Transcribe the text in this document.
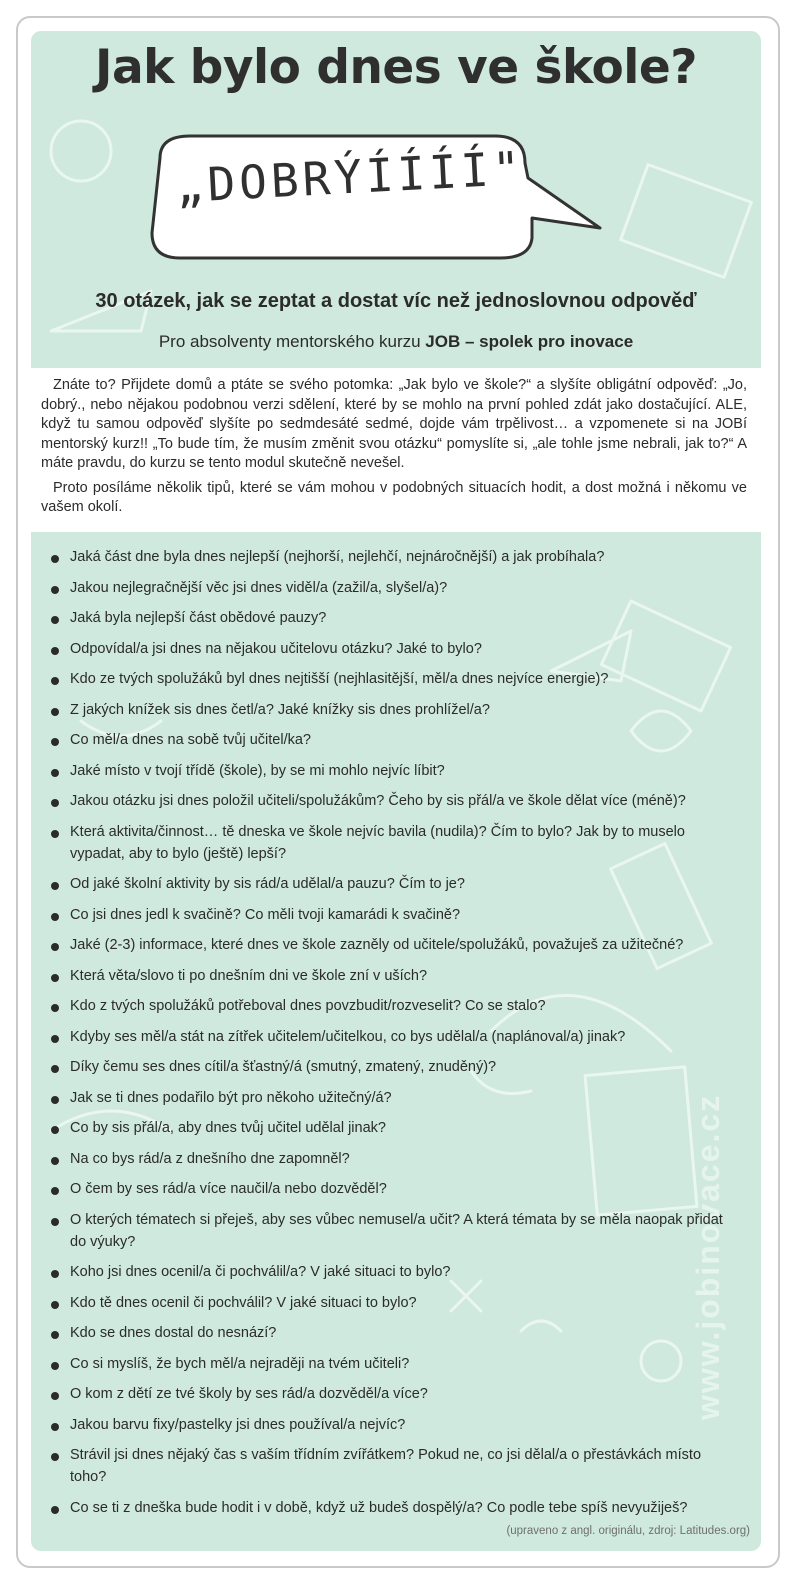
www.jobinovace.cz
Jak bylo dnes ve škole?
„DOBRÝÍÍÍÍ"
30 otázek, jak se zeptat a dostat víc než jednoslovnou odpověď
Pro absolventy mentorského kurzu JOB – spolek pro inovace

Znáte to? Přijdete domů a ptáte se svého potomka: „Jak bylo ve škole?“ a slyšíte obligátní odpověď: „Jo, dobrý., nebo nějakou podobnou verzi sdělení, které by se mohlo na první pohled zdát jako dostačující. ALE, když tu samou odpověď slyšíte po sedmdesáté sedmé, dojde vám trpělivost… a vzpomenete si na JOBí mentorský kurz!! „To bude tím, že musím změnit svou otázku“ pomyslíte si, „ale tohle jsme nebrali, jak to?“ A máte pravdu, do kurzu se tento modul skutečně nevešel.

Proto posíláme několik tipů, které se vám mohou v podobných situacích hodit, a dost možná i někomu ve vašem okolí.

Jaká část dne byla dnes nejlepší (nejhorší, nejlehčí, nejnáročnější) a jak probíhala?
Jakou nejlegračnější věc jsi dnes viděl/a (zažil/a, slyšel/a)?
Jaká byla nejlepší část obědové pauzy?
Odpovídal/a jsi dnes na nějakou učitelovu otázku? Jaké to bylo?
Kdo ze tvých spolužáků byl dnes nejtišší (nejhlasitější, měl/a dnes nejvíce energie)?
Z jakých knížek sis dnes četl/a? Jaké knížky sis dnes prohlížel/a?
Co měl/a dnes na sobě tvůj učitel/ka?
Jaké místo v tvojí třídě (škole), by se mi mohlo nejvíc líbit?
Jakou otázku jsi dnes položil učiteli/spolužákům? Čeho by sis přál/a ve škole dělat více (méně)?
Která aktivita/činnost… tě dneska ve škole nejvíc bavila (nudila)? Čím to bylo? Jak by to muselo vypadat, aby to bylo (ještě) lepší?
Od jaké školní aktivity by sis rád/a udělal/a pauzu? Čím to je?
Co jsi dnes jedl k svačině? Co měli tvoji kamarádi k svačině?
Jaké (2-3) informace, které dnes ve škole zazněly od učitele/spolužáků, považuješ za užitečné?
Která věta/slovo ti po dnešním dni ve škole zní v uších?
Kdo z tvých spolužáků potřeboval dnes povzbudit/rozveselit? Co se stalo?
Kdyby ses měl/a stát na zítřek učitelem/učitelkou, co bys udělal/a (naplánoval/a) jinak?
Díky čemu ses dnes cítil/a šťastný/á (smutný, zmatený, znuděný)?
Jak se ti dnes podařilo být pro někoho užitečný/á?
Co by sis přál/a, aby dnes tvůj učitel udělal jinak?
Na co bys rád/a z dnešního dne zapomněl?
O čem by ses rád/a více naučil/a nebo dozvěděl?
O kterých tématech si přeješ, aby ses vůbec nemusel/a učit? A která témata by se měla naopak přidat do výuky?
Koho jsi dnes ocenil/a či pochválil/a? V jaké situaci to bylo?
Kdo tě dnes ocenil či pochválil? V jaké situaci to bylo?
Kdo se dnes dostal do nesnází?
Co si myslíš, že bych měl/a nejraději na tvém učiteli?
O kom z dětí ze tvé školy by ses rád/a dozvěděl/a více?
Jakou barvu fixy/pastelky jsi dnes používal/a nejvíc?
Strávil jsi dnes nějaký čas s vaším třídním zvířátkem? Pokud ne, co jsi dělal/a o přestávkách místo toho?
Co se ti z dneška bude hodit i v době, když už budeš dospělý/a? Co podle tebe spíš nevyužiješ?
(upraveno z angl. originálu, zdroj: Latitudes.org)
